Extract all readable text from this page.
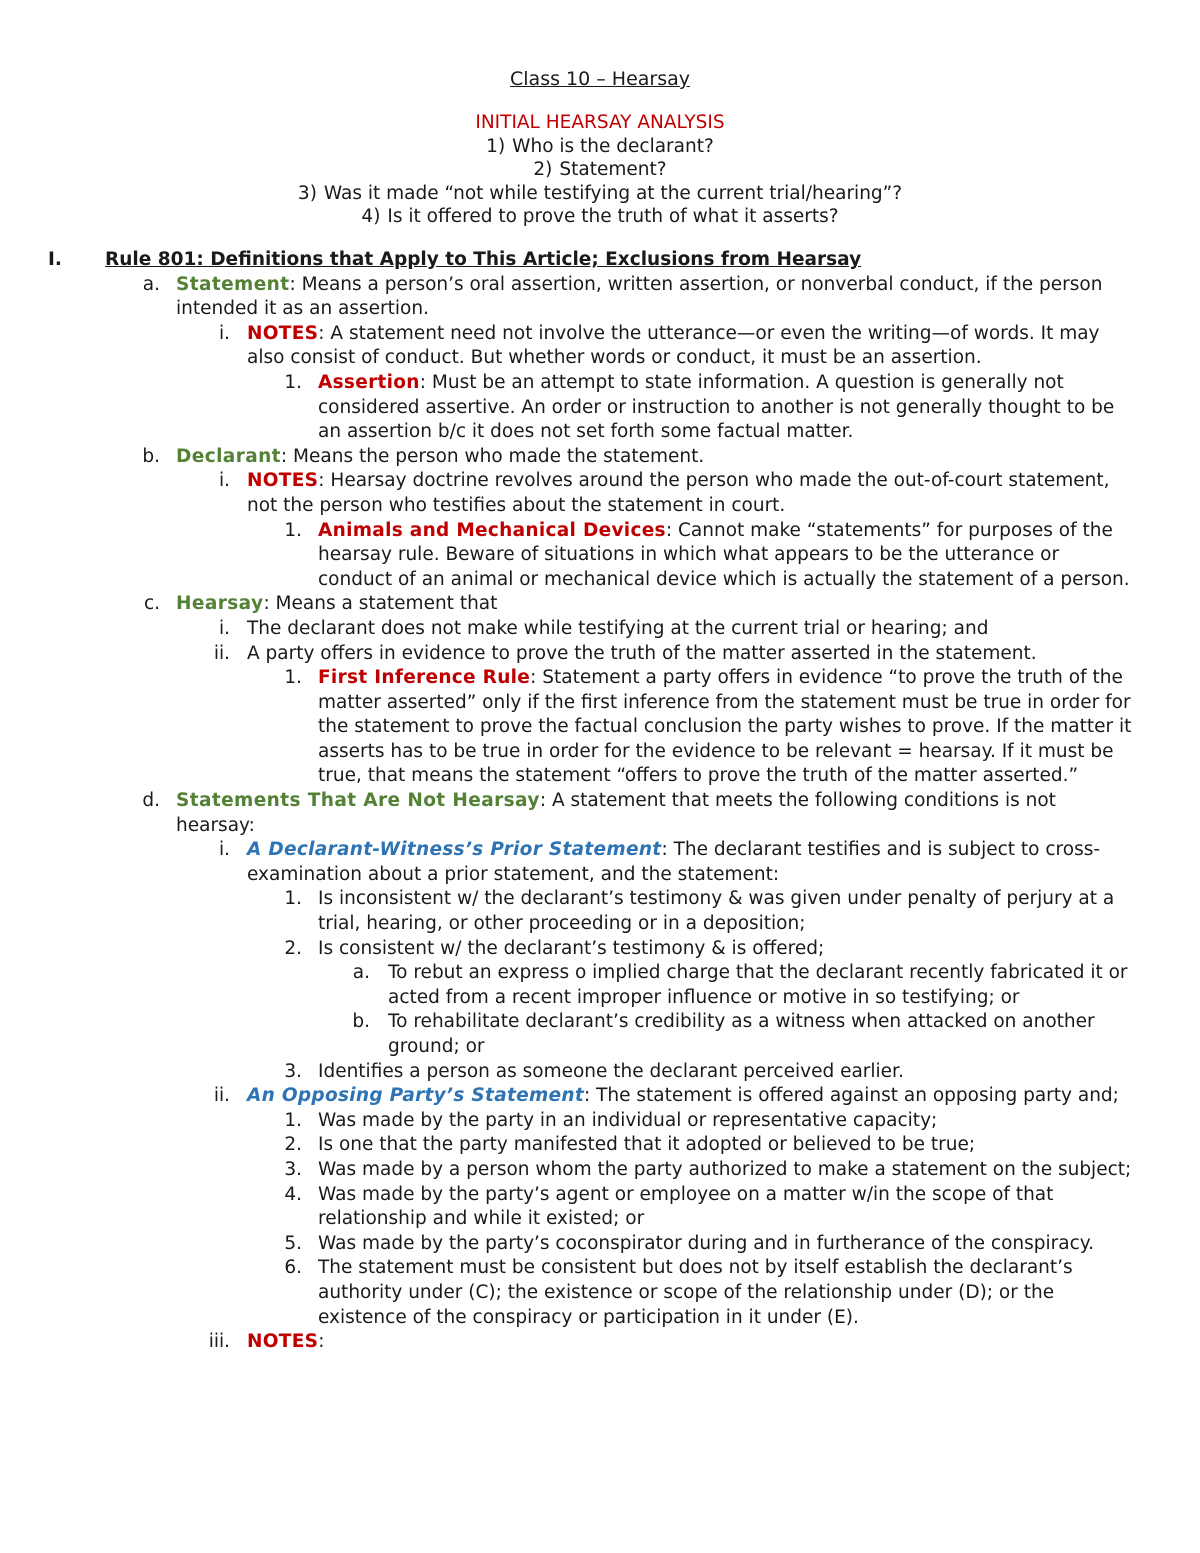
Class 10 – Hearsay
INITIAL HEARSAY ANALYSIS
1) Who is the declarant?
2) Statement?
3) Was it made “not while testifying at the current trial/hearing”?
4) Is it offered to prove the truth of what it asserts?
I.	Rule 801: Definitions that Apply to This Article; Exclusions from Hearsay
a. Statement: Means a person’s oral assertion, written assertion, or nonverbal conduct, if the person intended it as an assertion.
i. NOTES: A statement need not involve the utterance—or even the writing—of words. It may also consist of conduct. But whether words or conduct, it must be an assertion.
1. Assertion: Must be an attempt to state information. A question is generally not considered assertive. An order or instruction to another is not generally thought to be an assertion b/c it does not set forth some factual matter.
b. Declarant: Means the person who made the statement.
i. NOTES: Hearsay doctrine revolves around the person who made the out-of-court statement, not the person who testifies about the statement in court.
1. Animals and Mechanical Devices: Cannot make “statements” for purposes of the hearsay rule. Beware of situations in which what appears to be the utterance or conduct of an animal or mechanical device which is actually the statement of a person.
c. Hearsay: Means a statement that
i. The declarant does not make while testifying at the current trial or hearing; and
ii. A party offers in evidence to prove the truth of the matter asserted in the statement.
1. First Inference Rule: Statement a party offers in evidence “to prove the truth of the matter asserted” only if the first inference from the statement must be true in order for the statement to prove the factual conclusion the party wishes to prove. If the matter it asserts has to be true in order for the evidence to be relevant = hearsay. If it must be true, that means the statement “offers to prove the truth of the matter asserted.”
d. Statements That Are Not Hearsay: A statement that meets the following conditions is not hearsay:
i. A Declarant-Witness’s Prior Statement: The declarant testifies and is subject to cross-examination about a prior statement, and the statement:
1. Is inconsistent w/ the declarant’s testimony & was given under penalty of perjury at a trial, hearing, or other proceeding or in a deposition;
2. Is consistent w/ the declarant’s testimony & is offered;
a. To rebut an express o implied charge that the declarant recently fabricated it or acted from a recent improper influence or motive in so testifying; or
b. To rehabilitate declarant’s credibility as a witness when attacked on another ground; or
3. Identifies a person as someone the declarant perceived earlier.
ii. An Opposing Party’s Statement: The statement is offered against an opposing party and;
1. Was made by the party in an individual or representative capacity;
2. Is one that the party manifested that it adopted or believed to be true;
3. Was made by a person whom the party authorized to make a statement on the subject;
4. Was made by the party’s agent or employee on a matter w/in the scope of that relationship and while it existed; or
5. Was made by the party’s coconspirator during and in furtherance of the conspiracy.
6. The statement must be consistent but does not by itself establish the declarant’s authority under (C); the existence or scope of the relationship under (D); or the existence of the conspiracy or participation in it under (E).
iii. NOTES:
